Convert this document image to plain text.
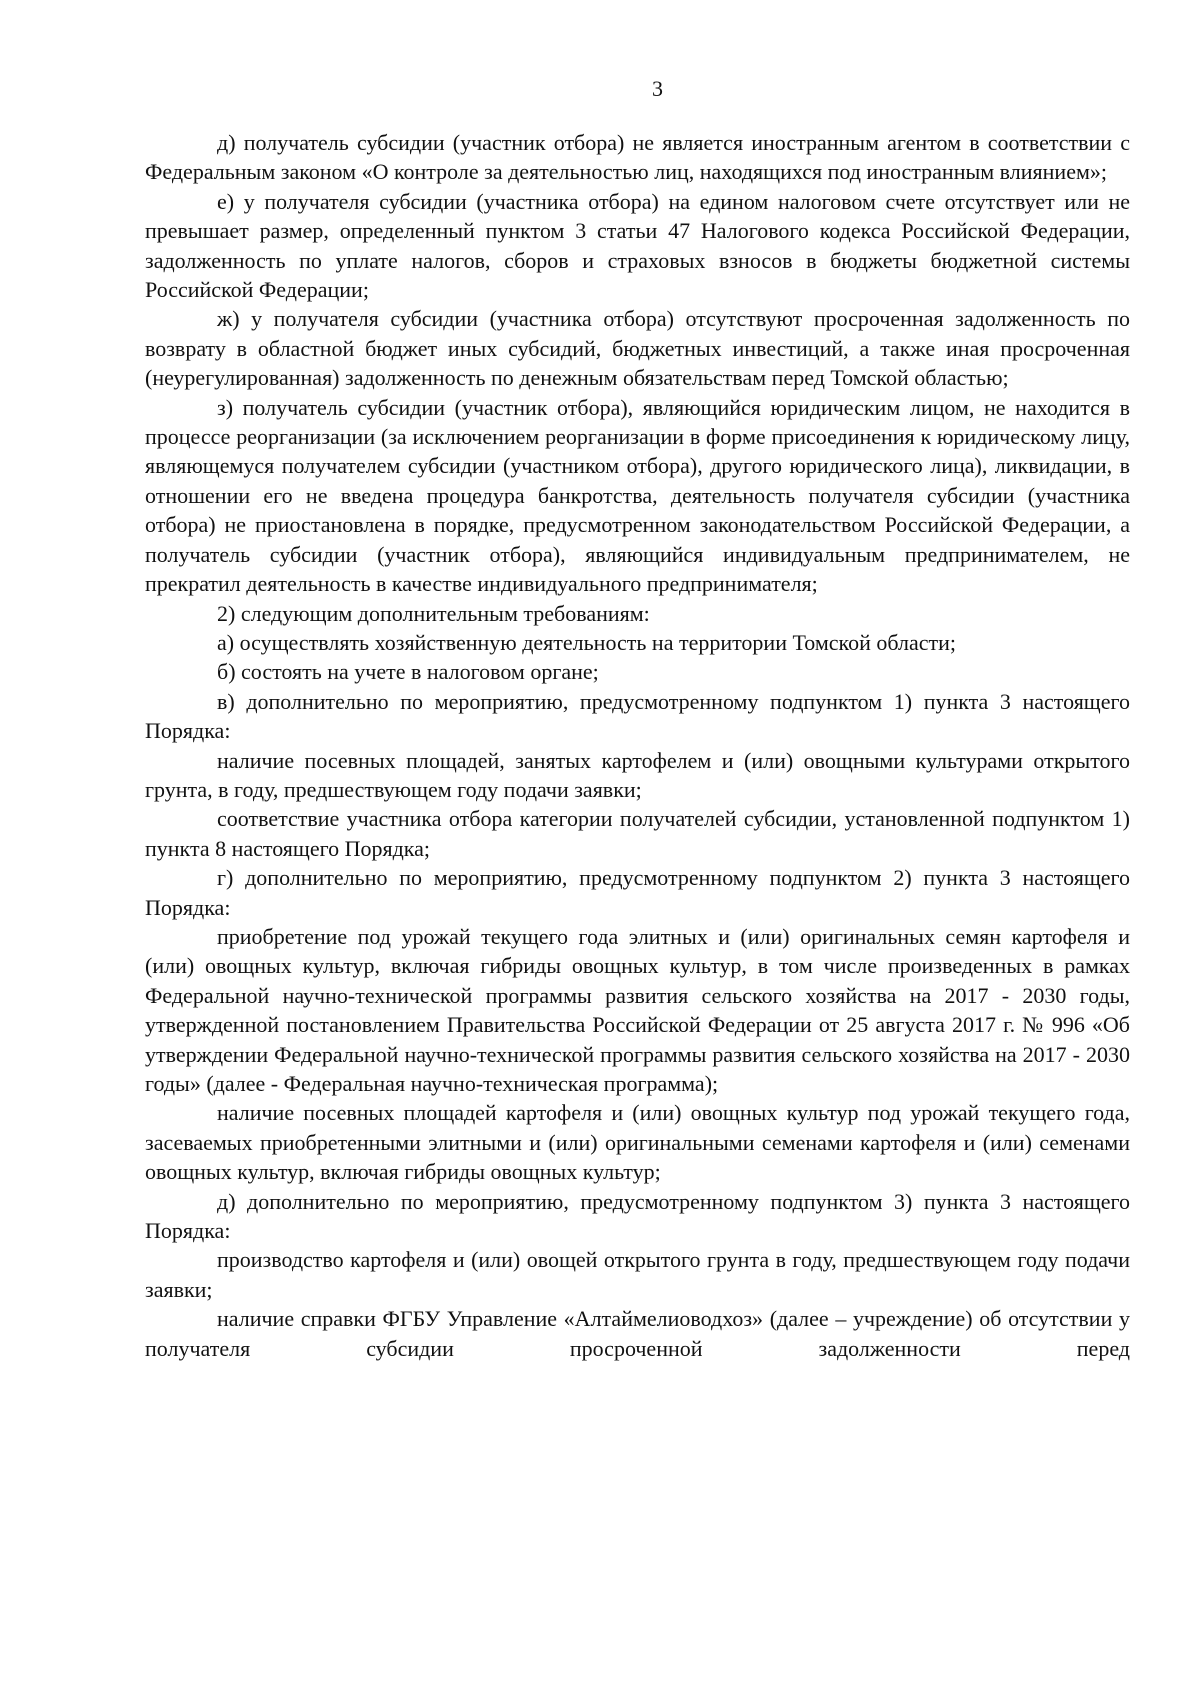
3

д) получатель субсидии (участник отбора) не является иностранным агентом в соответствии с Федеральным законом «О контроле за деятельностью лиц, находящихся под иностранным влиянием»;

е) у получателя субсидии (участника отбора) на едином налоговом счете отсутствует или не превышает размер, определенный пунктом 3 статьи 47 Налогового кодекса Российской Федерации, задолженность по уплате налогов, сборов и страховых взносов в бюджеты бюджетной системы Российской Федерации;

ж) у получателя субсидии (участника отбора) отсутствуют просроченная задолженность по возврату в областной бюджет иных субсидий, бюджетных инвестиций, а также иная просроченная (неурегулированная) задолженность по денежным обязательствам перед Томской областью;

з) получатель субсидии (участник отбора), являющийся юридическим лицом, не находится в процессе реорганизации (за исключением реорганизации в форме присоединения к юридическому лицу, являющемуся получателем субсидии (участником отбора), другого юридического лица), ликвидации, в отношении его не введена процедура банкротства, деятельность получателя субсидии (участника отбора) не приостановлена в порядке, предусмотренном законодательством Российской Федерации, а получатель субсидии (участник отбора), являющийся индивидуальным предпринимателем, не прекратил деятельность в качестве индивидуального предпринимателя;

2) следующим дополнительным требованиям:

а) осуществлять хозяйственную деятельность на территории Томской области;

б) состоять на учете в налоговом органе;

в) дополнительно по мероприятию, предусмотренному подпунктом 1) пункта 3 настоящего Порядка:

наличие посевных площадей, занятых картофелем и (или) овощными культурами открытого грунта, в году, предшествующем году подачи заявки;

соответствие участника отбора категории получателей субсидии, установленной подпунктом 1) пункта 8 настоящего Порядка;

г) дополнительно по мероприятию, предусмотренному подпунктом 2) пункта 3 настоящего Порядка:

приобретение под урожай текущего года элитных и (или) оригинальных семян картофеля и (или) овощных культур, включая гибриды овощных культур, в том числе произведенных в рамках Федеральной научно-технической программы развития сельского хозяйства на 2017 - 2030 годы, утвержденной постановлением Правительства Российской Федерации от 25 августа 2017 г. № 996 «Об утверждении Федеральной научно-технической программы развития сельского хозяйства на 2017 - 2030 годы» (далее - Федеральная научно-техническая программа);

наличие посевных площадей картофеля и (или) овощных культур под урожай текущего года, засеваемых приобретенными элитными и (или) оригинальными семенами картофеля и (или) семенами овощных культур, включая гибриды овощных культур;

д) дополнительно по мероприятию, предусмотренному подпунктом 3) пункта 3 настоящего Порядка:

производство картофеля и (или) овощей открытого грунта в году, предшествующем году подачи заявки;

наличие справки ФГБУ Управление «Алтаймелиоводхоз» (далее – учреждение) об отсутствии у получателя субсидии просроченной задолженности перед
